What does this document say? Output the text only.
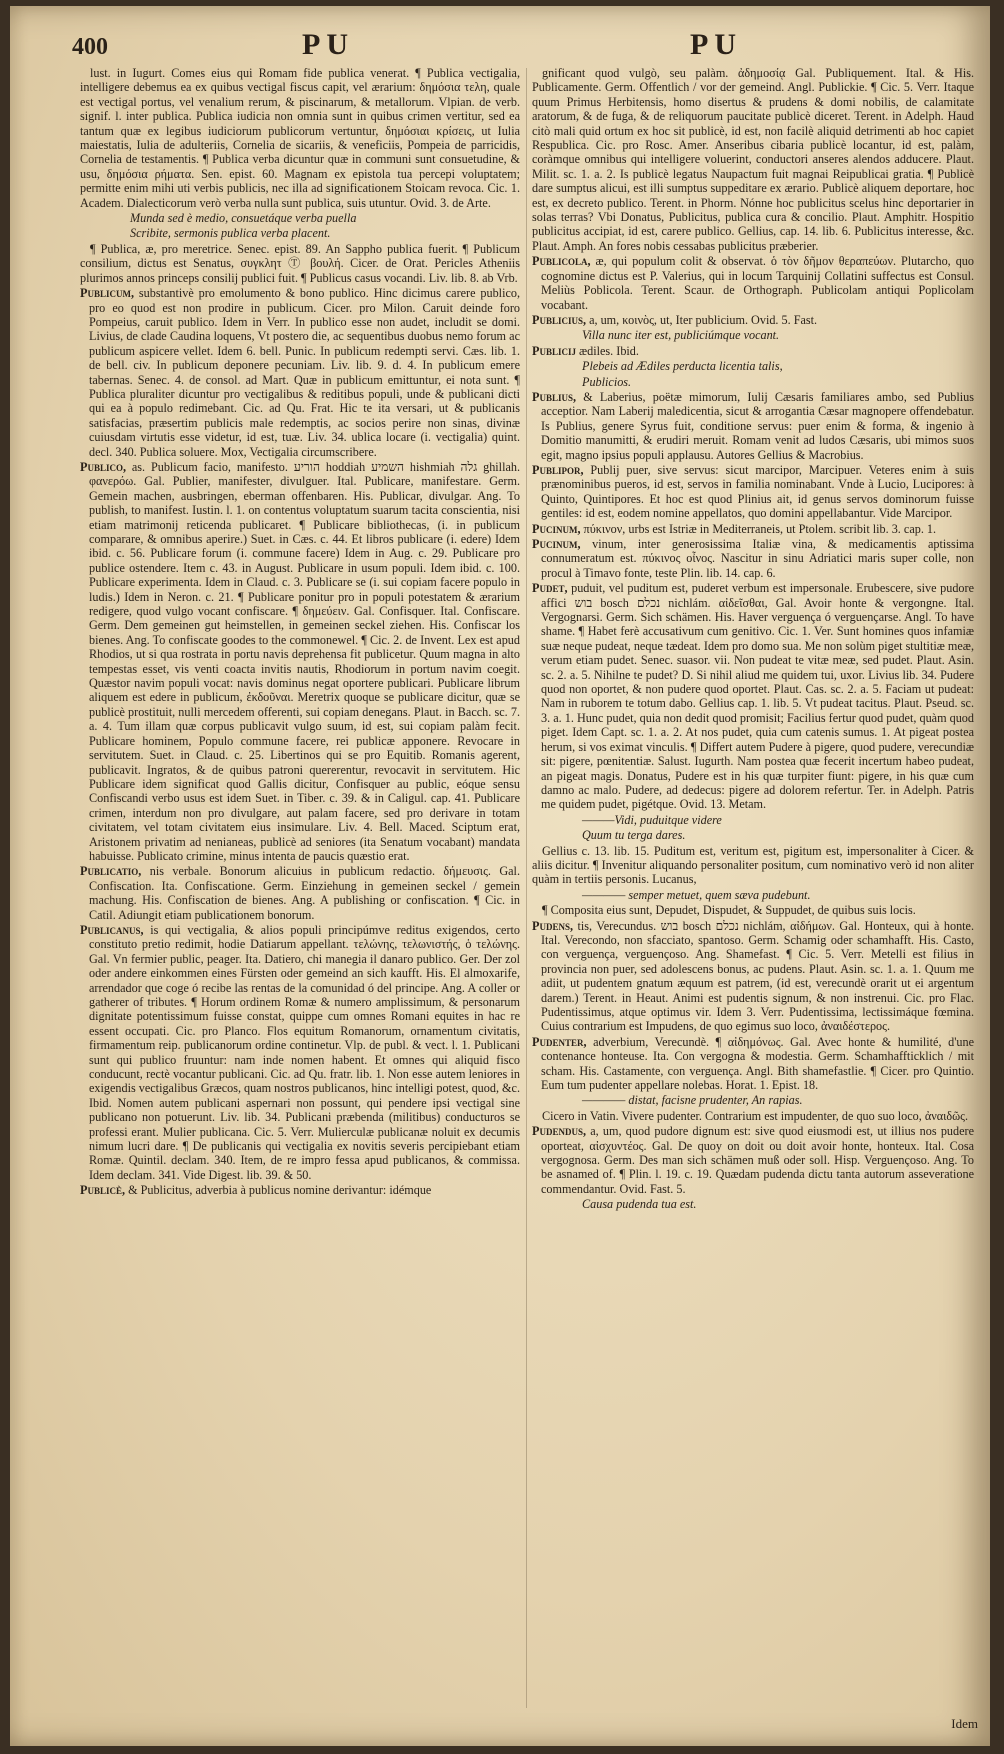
400	PU	PU

lust. in Iugurt. Comes eius qui Romam fide publica venerat. ¶ Publica vectigalia, intelligere debemus ea ex quibus vectigal fiscus capit, vel ærarium: δημόσια τελη, quale est vectigal portus, vel venalium rerum, & piscinarum, & metallorum. Vlpian. de verb. signif. l. inter publica. Publica iudicia non omnia sunt in quibus crimen vertitur, sed ea tantum quæ ex legibus iudiciorum publicorum vertuntur, δημόσιαι κρίσεις, ut Iulia maiestatis, Iulia de adulteriis, Cornelia de sicariis, & veneficiis, Pompeia de parricidis, Cornelia de testamentis. ¶ Publica verba dicuntur quæ in communi sunt consuetudine, & usu, δημόσια ρήματα. Sen. epist. 60. Magnam ex epistola tua percepi voluptatem; permitte enim mihi uti verbis publicis, nec illa ad significationem Stoicam revoca. Cic. 1. Academ. Dialecticorum verò verba nulla sunt publica, suis utuntur. Ovid. 3. de Arte.

Munda sed è medio, consuetáque verba puella

Scribite, sermonis publica verba placent.

¶ Publica, æ, pro meretrice. Senec. epist. 89. An Sappho publica fuerit. ¶ Publicum consilium, dictus est Senatus, συγκλητ Ⓣ βουλή. Cicer. de Orat. Pericles Atheniis plurimos annos princeps consilij publici fuit. ¶ Publicus casus vocandi. Liv. lib. 8. ab Vrb.

Publicum, substantivè pro emolumento & bono publico. Hinc dicimus carere publico, pro eo quod est non prodire in publicum. Cicer. pro Milon. Caruit deinde foro Pompeius, caruit publico. Idem in Verr. In publico esse non audet, includit se domi. Livius, de clade Caudina loquens, Vt postero die, ac sequentibus duobus nemo forum ac publicum aspicere vellet. Idem 6. bell. Punic. In publicum redempti servi. Cæs. lib. 1. de bell. civ. In publicum deponere pecuniam. Liv. lib. 9. d. 4. In publicum emere tabernas. Senec. 4. de consol. ad Mart. Quæ in publicum emittuntur, ei nota sunt. ¶ Publica pluraliter dicuntur pro vectigalibus & reditibus populi, unde & publicani dicti qui ea à populo redimebant. Cic. ad Qu. Frat. Hic te ita versari, ut & publicanis satisfacias, præsertim publicis male redemptis, ac socios perire non sinas, divinæ cuiusdam virtutis esse videtur, id est, tuæ. Liv. 34. ublica locare (i. vectigalia) quint. decl. 340. Publica soluere. Mox, Vectigalia circumscribere.

Publico, as. Publicum facio, manifesto. הוריע hoddiah השמיע hishmiah גלה ghillah. φανερόω. Gal. Publier, manifester, divulguer. Ital. Publicare, manifestare. Germ. Gemein machen, ausbringen, eberman offenbaren. His. Publicar, divulgar. Ang. To publish, to manifest. Iustin. l. 1. on contentus voluptatum suarum tacita conscientia, nisi etiam matrimonij reticenda publicaret. ¶ Publicare bibliothecas, (i. in publicum comparare, & omnibus aperire.) Suet. in Cæs. c. 44. Et libros publicare (i. edere) Idem ibid. c. 56. Publicare forum (i. commune facere) Idem in Aug. c. 29. Publicare pro publice ostendere. Item c. 43. in August. Publicare in usum populi. Idem ibid. c. 100. Publicare experimenta. Idem in Claud. c. 3. Publicare se (i. sui copiam facere populo in ludis.) Idem in Neron. c. 21. ¶ Publicare ponitur pro in populi potestatem & ærarium redigere, quod vulgo vocant confiscare. ¶ δημεύειν. Gal. Confisquer. Ital. Confiscare. Germ. Dem gemeinen gut heimstellen, in gemeinen seckel ziehen. His. Confiscar los bienes. Ang. To confiscate goodes to the commonewel. ¶ Cic. 2. de Invent. Lex est apud Rhodios, ut si qua rostrata in portu navis deprehensa fit publicetur. Quum magna in alto tempestas esset, vis venti coacta invitis nautis, Rhodiorum in portum navim coegit. Quæstor navim populi vocat: navis dominus negat oportere publicari. Publicare librum aliquem est edere in publicum, ἐκδοῦναι. Meretrix quoque se publicare dicitur, quæ se publicè prostituit, nulli mercedem offerenti, sui copiam denegans. Plaut. in Bacch. sc. 7. a. 4. Tum illam quæ corpus publicavit vulgo suum, id est, sui copiam palàm fecit. Publicare hominem, Populo commune facere, rei publicæ apponere. Revocare in servitutem. Suet. in Claud. c. 25. Libertinos qui se pro Equitib. Romanis agerent, publicavit. Ingratos, & de quibus patroni quererentur, revocavit in servitutem. Hic Publicare idem significat quod Gallis dicitur, Confisquer au public, eóque sensu Confiscandi verbo usus est idem Suet. in Tiber. c. 39. & in Caligul. cap. 41. Publicare crimen, interdum non pro divulgare, aut palam facere, sed pro derivare in totam civitatem, vel totam civitatem eius insimulare. Liv. 4. Bell. Maced. Sciptum erat, Aristonem privatim ad nenianeas, publicè ad seniores (ita Senatum vocabant) mandata habuisse. Publicato crimine, minus intenta de paucis quæstio erat.

Publicatio, nis verbale. Bonorum alicuius in publicum redactio. δήμευσις. Gal. Confiscation. Ita. Confiscatione. Germ. Einziehung in gemeinen seckel / gemein machung. His. Confiscation de bienes. Ang. A publishing or confiscation. ¶ Cic. in Catil. Adiungit etiam publicationem bonorum.

Publicanus, is qui vectigalia, & alios populi principúmve reditus exigendos, certo constituto pretio redimit, hodie Datiarum appellant. τελώνης, τελωνιστής, ὁ τελώνης. Gal. Vn fermier public, peager. Ita. Datiero, chi manegia il danaro publico. Ger. Der zol oder andere einkommen eines Fürsten oder gemeind an sich kaufft. His. El almoxarife, arrendador que coge ó recibe las rentas de la comunidad ó del principe. Ang. A coller or gatherer of tributes. ¶ Horum ordinem Romæ & numero amplissimum, & personarum dignitate potentissimum fuisse constat, quippe cum omnes Romani equites in hac re essent occupati. Cic. pro Planco. Flos equitum Romanorum, ornamentum civitatis, firmamentum reip. publicanorum ordine continetur. Vlp. de publ. & vect. l. 1. Publicani sunt qui publico fruuntur: nam inde nomen habent. Et omnes qui aliquid fisco conducunt, rectè vocantur publicani. Cic. ad Qu. fratr. lib. 1. Non esse autem leniores in exigendis vectigalibus Græcos, quam nostros publicanos, hinc intelligi potest, quod, &c. Ibid. Nomen autem publicani aspernari non possunt, qui pendere ipsi vectigal sine publicano non potuerunt. Liv. lib. 34. Publicani præbenda (militibus) conducturos se professi erant. Mulier publicana. Cic. 5. Verr. Mulierculæ publicanæ noluit ex decumis nimum lucri dare. ¶ De publicanis qui vectigalia ex novitis severis percipiebant etiam Romæ. Quintil. declam. 340. Item, de re impro fessa apud publicanos, & commissa. Idem declam. 341. Vide Digest. lib. 39. & 50.

Publicè, & Publicitus, adverbia à publicus nomine derivantur: idémque

gnificant quod vulgò, seu palàm. ἀδημοσίᾳ Gal. Publiquement. Ital. & His. Publicamente. Germ. Offentlich / vor der gemeind. Angl. Publickie. ¶ Cic. 5. Verr. Itaque quum Primus Herbitensis, homo disertus & prudens & domi nobilis, de calamitate aratorum, & de fuga, & de reliquorum paucitate publicè diceret. Terent. in Adelph. Haud citò mali quid ortum ex hoc sit publicè, id est, non facilè aliquid detrimenti ab hoc capiet Respublica. Cic. pro Rosc. Amer. Anseribus cibaria publicè locantur, id est, palàm, coràmque omnibus qui intelligere voluerint, conductori anseres alendos adducere. Plaut. Milit. sc. 1. a. 2. Is publicè legatus Naupactum fuit magnai Reipublicai gratia. ¶ Publicè dare sumptus alicui, est illi sumptus suppeditare ex ærario. Publicè aliquem deportare, hoc est, ex decreto publico. Terent. in Phorm. Nónne hoc publicitus scelus hinc deportarier in solas terras? Vbi Donatus, Publicitus, publica cura & concilio. Plaut. Amphitr. Hospitio publicitus accipiat, id est, carere publico. Gellius, cap. 14. lib. 6. Publicitus interesse, &c. Plaut. Amph. An fores nobis cessabas publicitus præberier.

Publicola, æ, qui populum colit & observat. ὁ τὸν δῆμον θεραπεύων. Plutarcho, quo cognomine dictus est P. Valerius, qui in locum Tarquinij Collatini suffectus est Consul. Meliùs Poblicola. Terent. Scaur. de Orthograph. Publicolam antiqui Poplicolam vocabant.

Publicius, a, um, κοινὸς, ut, Iter publicium. Ovid. 5. Fast.

Villa nunc iter est, publiciúmque vocant.

Publicij ædiles. Ibid.

Plebeis ad Ædiles perducta licentia talis,

Publicios.

Publius, & Laberius, poëtæ mimorum, Iulij Cæsaris familiares ambo, sed Publius acceptior. Nam Laberij maledicentia, sicut & arrogantia Cæsar magnopere offendebatur. Is Publius, genere Syrus fuit, conditione servus: puer enim & forma, & ingenio à Domitio manumitti, & erudiri meruit. Romam venit ad ludos Cæsaris, ubi mimos suos egit, magno ipsius populi applausu. Autores Gellius & Macrobius.

Publipor, Publij puer, sive servus: sicut marcipor, Marcipuer. Veteres enim à suis prænominibus pueros, id est, servos in familia nominabant. Vnde à Lucio, Lucipores: à Quinto, Quintipores. Et hoc est quod Plinius ait, id genus servos dominorum fuisse gentiles: id est, eodem nomine appellatos, quo domini appellabantur. Vide Marcipor.

Pucinum, πύκινον, urbs est Istriæ in Mediterraneis, ut Ptolem. scribit lib. 3. cap. 1.

Pucinum, vinum, inter generosissima Italiæ vina, & medicamentis aptissima connumeratum est. πύκινος οἶνος. Nascitur in sinu Adriatici maris super colle, non procul à Timavo fonte, teste Plin. lib. 14. cap. 6.

Pudet, puduit, vel puditum est, puderet verbum est impersonale. Erubescere, sive pudore affici בוש bosch נכלם nichlám. αἰδεῖσθαι, Gal. Avoir honte & vergongne. Ital. Vergognarsi. Germ. Sich schämen. His. Haver verguença ó verguençarse. Angl. To have shame. ¶ Habet ferè accusativum cum genitivo. Cic. 1. Ver. Sunt homines quos infamiæ suæ neque pudeat, neque tædeat. Idem pro domo sua. Me non solùm piget stultitiæ meæ, verum etiam pudet. Senec. suasor. vii. Non pudeat te vitæ meæ, sed pudet. Plaut. Asin. sc. 2. a. 5. Nihilne te pudet? D. Si nihil aliud me quidem tui, uxor. Livius lib. 34. Pudere quod non oportet, & non pudere quod oportet. Plaut. Cas. sc. 2. a. 5. Faciam ut pudeat: Nam in ruborem te totum dabo. Gellius cap. 1. lib. 5. Vt pudeat tacitus. Plaut. Pseud. sc. 3. a. 1. Hunc pudet, quia non dedit quod promisit; Facilius fertur quod pudet, quàm quod piget. Idem Capt. sc. 1. a. 2. At nos pudet, quia cum catenis sumus. 1. At pigeat postea herum, si vos eximat vinculis. ¶ Differt autem Pudere à pigere, quod pudere, verecundiæ sit: pigere, pœnitentiæ. Salust. Iugurth. Nam postea quæ fecerit incertum habeo pudeat, an pigeat magis. Donatus, Pudere est in his quæ turpiter fiunt: pigere, in his quæ cum damno ac malo. Pudere, ad dedecus: pigere ad dolorem refertur. Ter. in Adelph. Patris me quidem pudet, pigétque. Ovid. 13. Metam.

———Vidi, puduitque videre

Quum tu terga dares.

Gellius c. 13. lib. 15. Puditum est, veritum est, pigitum est, impersonaliter à Cicer. & aliis dicitur. ¶ Invenitur aliquando personaliter positum, cum nominativo verò id non aliter quàm in tertiis personis. Lucanus,

———— semper metuet, quem sæva pudebunt.

¶ Composita eius sunt, Depudet, Dispudet, & Suppudet, de quibus suis locis.

Pudens, tis, Verecundus. בוש bosch נכלם nichlám, αἰδήμων. Gal. Honteux, qui à honte. Ital. Verecondo, non sfacciato, spantoso. Germ. Schamig oder schamhafft. His. Casto, con verguença, verguençoso. Ang. Shamefast. ¶ Cic. 5. Verr. Metelli est filius in provincia non puer, sed adolescens bonus, ac pudens. Plaut. Asin. sc. 1. a. 1. Quum me adiit, ut pudentem gnatum æquum est patrem, (id est, verecundè orarit ut ei argentum darem.) Terent. in Heaut. Animi est pudentis signum, & non instrenui. Cic. pro Flac. Pudentissimus, atque optimus vir. Idem 3. Verr. Pudentissima, lectissimáque fœmina. Cuius contrarium est Impudens, de quo egimus suo loco, ἀναιδέστερος.

Pudenter, adverbium, Verecundè. ¶ αἰδημόνως. Gal. Avec honte & humilité, d'une contenance honteuse. Ita. Con vergogna & modestia. Germ. Schamhaffticklich / mit scham. His. Castamente, con verguença. Angl. Bith shamefastlie. ¶ Cicer. pro Quintio. Eum tum pudenter appellare nolebas. Horat. 1. Epist. 18.

———— distat, facisne prudenter, An rapias.

Cicero in Vatin. Vivere pudenter. Contrarium est impudenter, de quo suo loco, ἀναιδῶς.

Pudendus, a, um, quod pudore dignum est: sive quod eiusmodi est, ut illius nos pudere oporteat, αἰσχυντέος. Gal. De quoy on doit ou doit avoir honte, honteux. Ital. Cosa vergognosa. Germ. Des man sich schämen muß oder soll. Hisp. Verguençoso. Ang. To be asnamed of. ¶ Plin. l. 19. c. 19. Quædam pudenda dictu tanta autorum asseveratione commendantur. Ovid. Fast. 5.

Causa pudenda tua est.

Idem
